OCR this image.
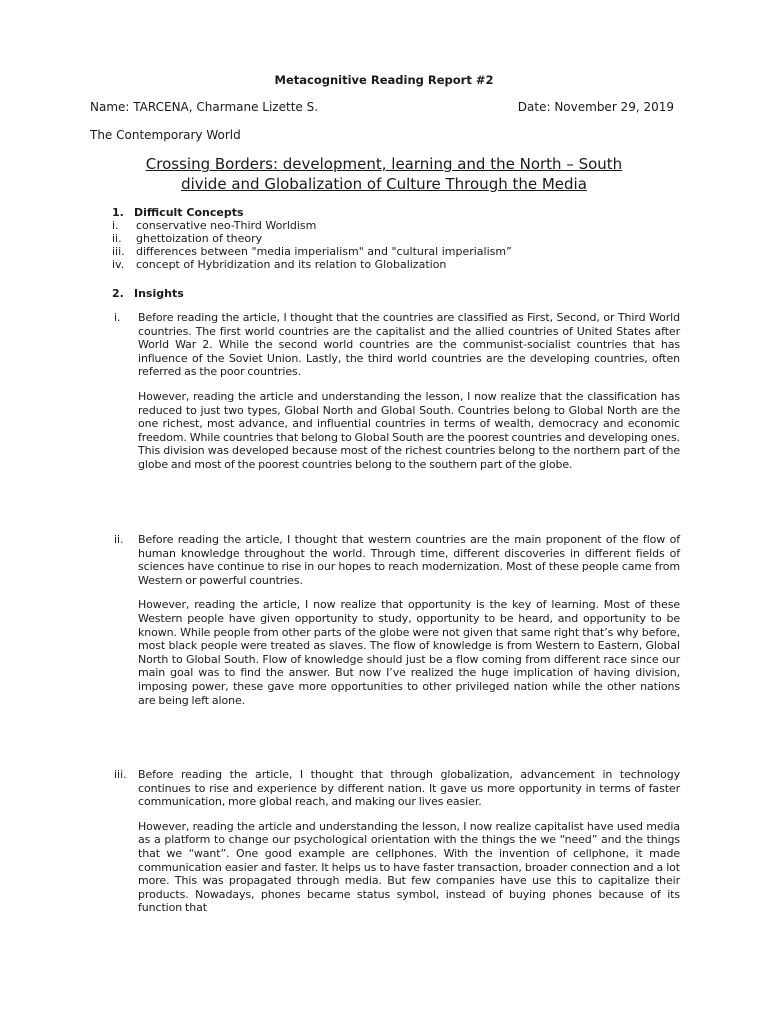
Metacognitive Reading Report #2
Name: TARCENA, Charmane Lizette S.	Date: November 29, 2019
The Contemporary World
Crossing Borders: development, learning and the North – South
divide and Globalization of Culture Through the Media
1. Difficult Concepts
i. conservative neo-Third Worldism
ii. ghettoization of theory
iii. differences between "media imperialism" and "cultural imperialism”
iv. concept of Hybridization and its relation to Globalization
2. Insights
i. Before reading the article, I thought that the countries are classified as First, Second, or Third World countries. The first world countries are the capitalist and the allied countries of United States after World War 2. While the second world countries are the communist-socialist countries that has influence of the Soviet Union. Lastly, the third world countries are the developing countries, often referred as the poor countries.

However, reading the article and understanding the lesson, I now realize that the classification has reduced to just two types, Global North and Global South. Countries belong to Global North are the one richest, most advance, and influential countries in terms of wealth, democracy and economic freedom. While countries that belong to Global South are the poorest countries and developing ones. This division was developed because most of the richest countries belong to the northern part of the globe and most of the poorest countries belong to the southern part of the globe.

ii. Before reading the article, I thought that western countries are the main proponent of the flow of human knowledge throughout the world. Through time, different discoveries in different fields of sciences have continue to rise in our hopes to reach modernization. Most of these people came from Western or powerful countries.

However, reading the article, I now realize that opportunity is the key of learning. Most of these Western people have given opportunity to study, opportunity to be heard, and opportunity to be known. While people from other parts of the globe were not given that same right that’s why before, most black people were treated as slaves. The flow of knowledge is from Western to Eastern, Global North to Global South. Flow of knowledge should just be a flow coming from different race since our main goal was to find the answer. But now I’ve realized the huge implication of having division, imposing power, these gave more opportunities to other privileged nation while the other nations are being left alone.

iii. Before reading the article, I thought that through globalization, advancement in technology continues to rise and experience by different nation. It gave us more opportunity in terms of faster communication, more global reach, and making our lives easier.

However, reading the article and understanding the lesson, I now realize capitalist have used media as a platform to change our psychological orientation with the things the we “need” and the things that we “want”. One good example are cellphones. With the invention of cellphone, it made communication easier and faster. It helps us to have faster transaction, broader connection and a lot more. This was propagated through media. But few companies have use this to capitalize their products. Nowadays, phones became status symbol, instead of buying phones because of its function that
